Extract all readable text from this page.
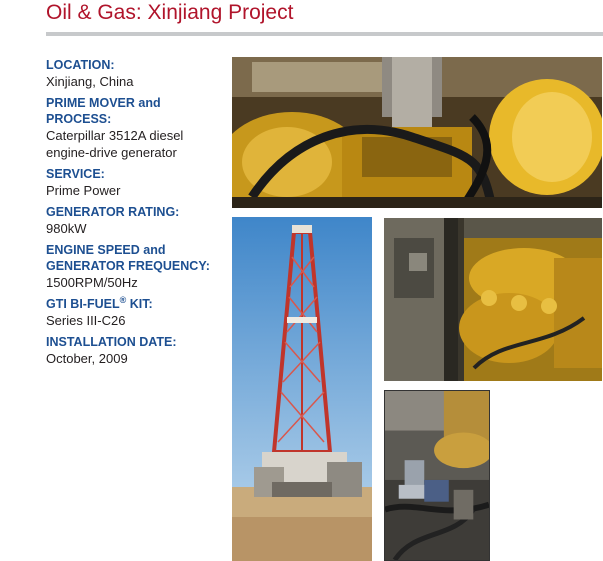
Oil & Gas: Xinjiang Project
LOCATION:
Xinjiang, China
PRIME MOVER and
PROCESS:
Caterpillar 3512A diesel
engine-drive generator
SERVICE:
Prime Power
GENERATOR RATING:
980kW
ENGINE SPEED and
GENERATOR FREQUENCY:
1500RPM/50Hz
GTI BI-FUEL® KIT:
Series III-C26
INSTALLATION DATE:
October, 2009
